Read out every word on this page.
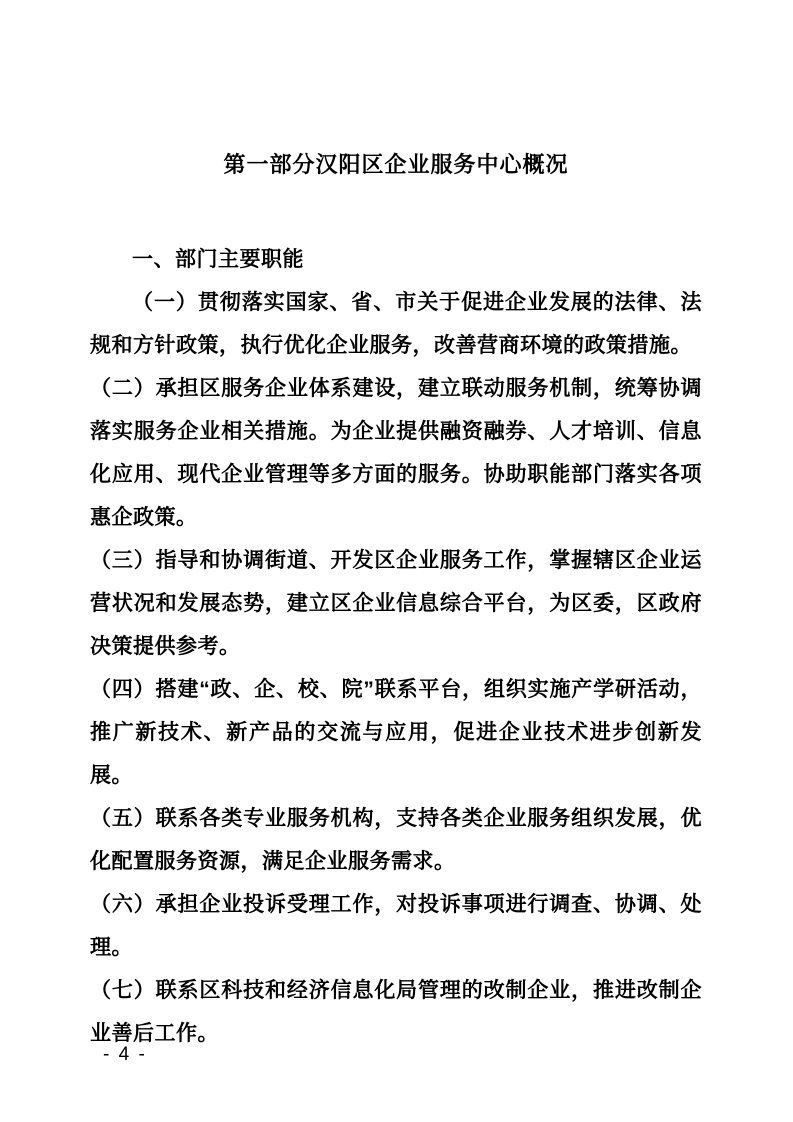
第一部分汉阳区企业服务中心概况

一、部门主要职能

（一）贯彻落实国家、省、市关于促进企业发展的法律、法规和方针政策，执行优化企业服务，改善营商环境的政策措施。

（二）承担区服务企业体系建设，建立联动服务机制，统筹协调落实服务企业相关措施。为企业提供融资融券、人才培训、信息化应用、现代企业管理等多方面的服务。协助职能部门落实各项惠企政策。

（三）指导和协调街道、开发区企业服务工作，掌握辖区企业运营状况和发展态势，建立区企业信息综合平台，为区委，区政府决策提供参考。

（四）搭建“政、企、校、院”联系平台，组织实施产学研活动，推广新技术、新产品的交流与应用，促进企业技术进步创新发展。

（五）联系各类专业服务机构，支持各类企业服务组织发展，优化配置服务资源，满足企业服务需求。

（六）承担企业投诉受理工作，对投诉事项进行调查、协调、处理。

（七）联系区科技和经济信息化局管理的改制企业，推进改制企业善后工作。

- 4 -
